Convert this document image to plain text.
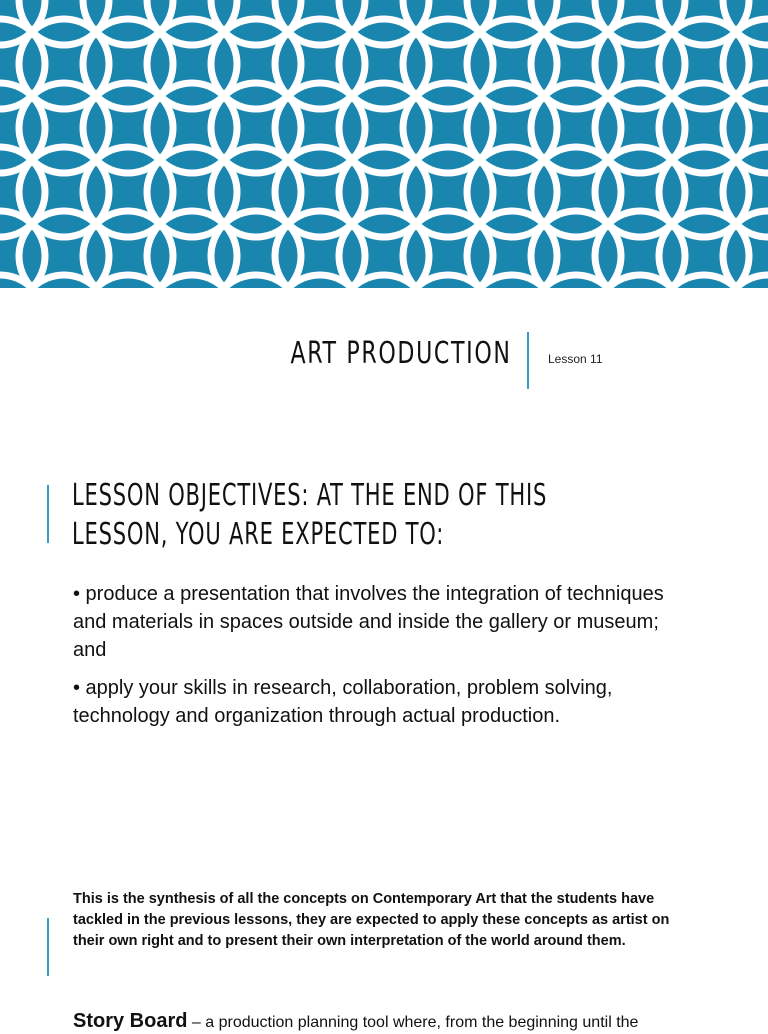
ART PRODUCTION	Lesson 11
LESSON OBJECTIVES: AT THE END OF THIS
LESSON, YOU ARE EXPECTED TO:
• produce a presentation that involves the integration of techniques and materials in spaces outside and inside the gallery or museum; and
• apply your skills in research, collaboration, problem solving, technology and organization through actual production.
This is the synthesis of all the concepts on Contemporary Art that the students have tackled in the previous lessons, they are expected to apply these concepts as artist on their own right and to present their own interpretation of the world around them.
Story Board – a production planning tool where, from the beginning until the
